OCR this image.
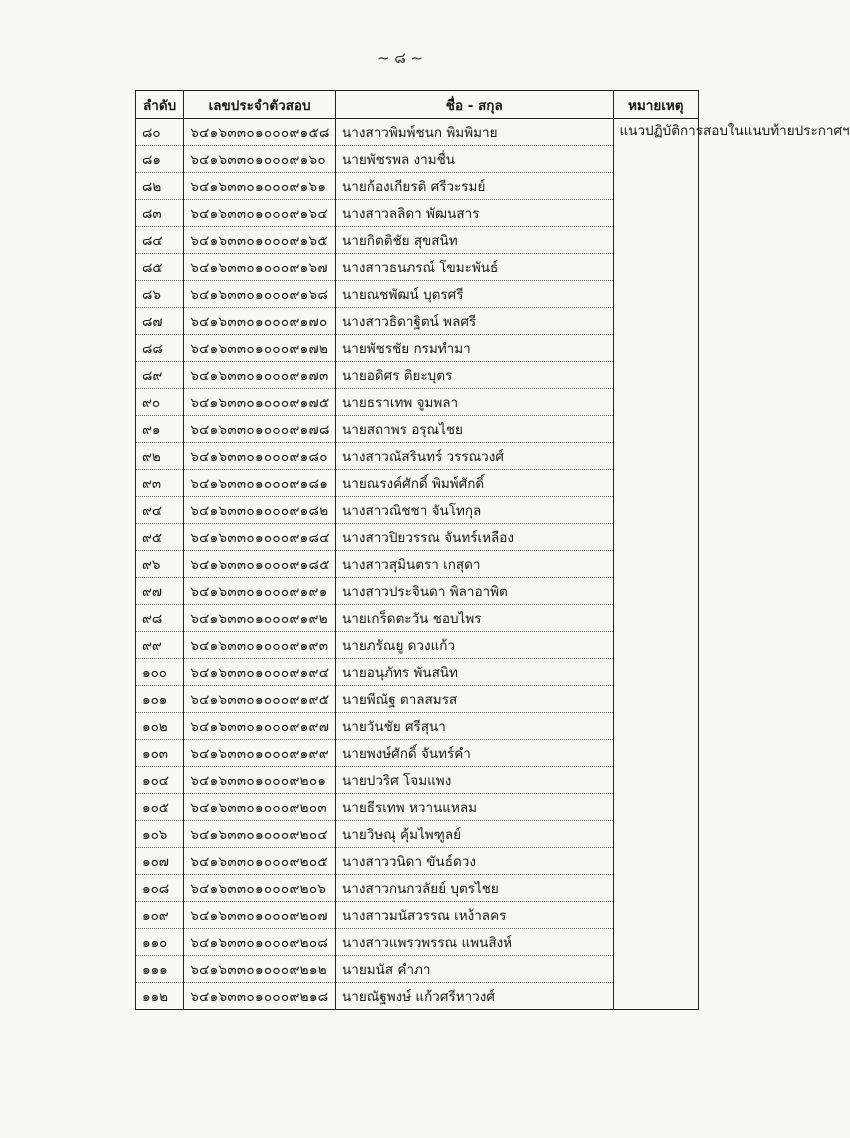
~ ๘ ~
ลำดับ	เลขประจำตัวสอบ	ชื่อ - สกุล	หมายเหตุ
๘๐	๖๔๑๖๓๓๐๑๐๐๐๙๑๕๘	นางสาวพิมพ์ชนก พิมพิมาย	แนวปฏิบัติการสอบในแนบท้ายประกาศฯ
๘๑	๖๔๑๖๓๓๐๑๐๐๐๙๑๖๐	นายพัชรพล งามชื่น	
๘๒	๖๔๑๖๓๓๐๑๐๐๐๙๑๖๑	นายก้องเกียรติ ศรีวะรมย์	
๘๓	๖๔๑๖๓๓๐๑๐๐๐๙๑๖๔	นางสาวลลิดา พัฒนสาร	
๘๔	๖๔๑๖๓๓๐๑๐๐๐๙๑๖๕	นายกิตติชัย สุขสนิท	
๘๕	๖๔๑๖๓๓๐๑๐๐๐๙๑๖๗	นางสาวธนภรณ์ โขมะพันธ์	
๘๖	๖๔๑๖๓๓๐๑๐๐๐๙๑๖๘	นายณชพัฒน์ บุตรศรี	
๘๗	๖๔๑๖๓๓๐๑๐๐๐๙๑๗๐	นางสาวธิดาฐิตน์ พลศรี	
๘๘	๖๔๑๖๓๓๐๑๐๐๐๙๑๗๒	นายพัชรชัย กรมทำมา	
๘๙	๖๔๑๖๓๓๐๑๐๐๐๙๑๗๓	นายอดิศร ติยะบุตร	
๙๐	๖๔๑๖๓๓๐๑๐๐๐๙๑๗๕	นายธราเทพ จูมพลา	
๙๑	๖๔๑๖๓๓๐๑๐๐๐๙๑๗๘	นายสถาพร อรุณไชย	
๙๒	๖๔๑๖๓๓๐๑๐๐๐๙๑๘๐	นางสาวณัสรินทร์ วรรณวงศ์	
๙๓	๖๔๑๖๓๓๐๑๐๐๐๙๑๘๑	นายณรงค์ศักดิ์ พิมพ์ศักดิ์	
๙๔	๖๔๑๖๓๓๐๑๐๐๐๙๑๘๒	นางสาวณิชชา จันโทกุล	
๙๕	๖๔๑๖๓๓๐๑๐๐๐๙๑๘๔	นางสาวปิยวรรณ จันทร์เหลือง	
๙๖	๖๔๑๖๓๓๐๑๐๐๐๙๑๘๕	นางสาวสุมินตรา เกสุดา	
๙๗	๖๔๑๖๓๓๐๑๐๐๐๙๑๙๑	นางสาวประจินดา พิลาอาพิต	
๙๘	๖๔๑๖๓๓๐๑๐๐๐๙๑๙๒	นายเกร็ดตะวัน ชอบไพร	
๙๙	๖๔๑๖๓๓๐๑๐๐๐๙๑๙๓	นายภรัณยู ดวงแก้ว	
๑๐๐	๖๔๑๖๓๓๐๑๐๐๐๙๑๙๔	นายอนุภัทร พันสนิท	
๑๐๑	๖๔๑๖๓๓๐๑๐๐๐๙๑๙๕	นายพีณัฐ ตาลสมรส	
๑๐๒	๖๔๑๖๓๓๐๑๐๐๐๙๑๙๗	นายวันชัย ศรีสุนา	
๑๐๓	๖๔๑๖๓๓๐๑๐๐๐๙๑๙๙	นายพงษ์ศักดิ์ จันทร์คำ	
๑๐๔	๖๔๑๖๓๓๐๑๐๐๐๙๒๐๑	นายปวริศ โจมแพง	
๑๐๕	๖๔๑๖๓๓๐๑๐๐๐๙๒๐๓	นายธีรเทพ หวานแหลม	
๑๐๖	๖๔๑๖๓๓๐๑๐๐๐๙๒๐๔	นายวิษณุ คุ้มไพฑูลย์	
๑๐๗	๖๔๑๖๓๓๐๑๐๐๐๙๒๐๕	นางสาววนิดา ขันธ์ดวง	
๑๐๘	๖๔๑๖๓๓๐๑๐๐๐๙๒๐๖	นางสาวกนกวลัยย์ บุตรไชย	
๑๐๙	๖๔๑๖๓๓๐๑๐๐๐๙๒๐๗	นางสาวมนัสวรรณ เหง้าลคร	
๑๑๐	๖๔๑๖๓๓๐๑๐๐๐๙๒๐๘	นางสาวแพรวพรรณ แพนสิงห์	
๑๑๑	๖๔๑๖๓๓๐๑๐๐๐๙๒๑๒	นายมนัส คำภา	
๑๑๒	๖๔๑๖๓๓๐๑๐๐๐๙๒๑๘	นายณัฐพงษ์ แก้วศรีหาวงศ์	
